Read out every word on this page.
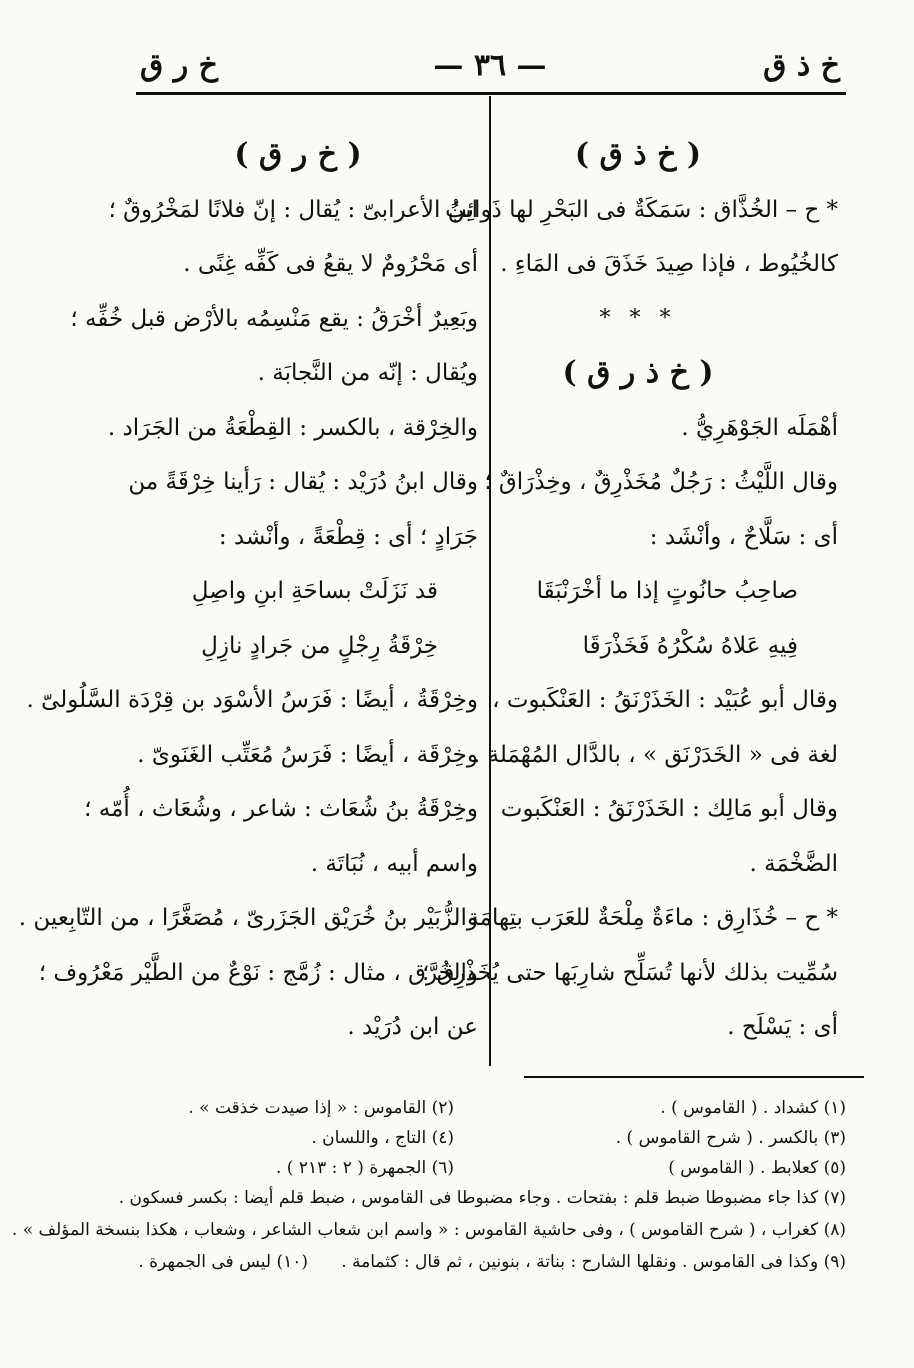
خ ذ ق
— ٣٦ —
خ ر ق
( خ ذ ق )
* ح – الخُذَّاق : سَمَكَةٌ فى البَحْرِ لها ذَوائِبُ
كالخُيُوط ، فإذا صِيدَ خَذَقَ فى المَاءِ .
* * *
( خ ذ ر ق )
أهْمَلَه الجَوْهَرِيُّ .
وقال اللَّيْثُ : رَجُلٌ مُخَذْرِقٌ ، وخِذْرَاقٌ ؛
أى : سَلَّاحٌ ، وأنْشَد :
صاحِبُ حانُوتٍ إذا ما أخْرَنْبَقَا
فِيهِ عَلاهُ سُكْرُهُ فَخَذْرَقَا
وقال أبو عُبَيْد : الخَذَرْنَقُ : العَنْكَبوت ،
لغة فى « الخَدَرْنَق » ، بالدَّال المُهْمَلة .
وقال أبو مَالِك : الخَذَرْنَقُ : العَنْكَبوت
الضَّخْمَة .
* ح – خُذَارِق : ماءَةٌ مِلْحَةٌ للعَرَب بتِهامَة ،
سُمِّيت بذلك لأنها تُسَلِّح شارِبَها حتى يُخَذْرِق ؛
أى : يَسْلَح .
( خ ر ق )
ابنُ الأعرابىّ : يُقال : إنّ فلانًا لمَخْرُوقٌ ؛
أى مَحْرُومٌ لا يقعُ فى كَفِّه غِنًى .
وبَعِيرٌ أخْرَقُ : يقع مَنْسِمُه بالأرْض قبل خُفِّه ؛
ويُقال : إنّه من النَّجابَة .
والخِرْقة ، بالكسر : القِطْعَةُ من الجَرَاد .
وقال ابنُ دُرَيْد : يُقال : رَأينا خِرْقَةً من
جَرَادٍ ؛ أى : قِطْعَةً ، وأنْشد :
قد نَزَلَتْ بساحَةِ ابنِ واصِلِ
خِرْقَةُ رِجْلٍ من جَرادٍ نازِلِ
وخِرْقَةُ ، أيضًا : فَرَسُ الأسْوَد بن قِرْدَة السَّلُولىّ .
وخِرْقَة ، أيضًا : فَرَسُ مُعَتِّب الغَنَوىّ .
وخِرْقَةُ بنُ شُعَاث : شاعر ، وشُعَاث ، أُمّه ؛
واسم أبيه ، نُبَاتَة .
والزُّبَيْر بنُ خُرَيْق الجَزَرىّ ، مُصَغَّرًا ، من التّابِعين .
والخُرَّق ، مثال : زُمَّج : نَوْعٌ من الطَّيْر مَعْرُوف ؛
عن ابن دُرَيْد .
(١) كشداد . ( القاموس ) .
(٢) القاموس : « إذا صيدت خذقت » .
(٣) بالكسر . ( شرح القاموس ) .
(٤) التاج ، واللسان .
(٥) كعلابط . ( القاموس )
(٦) الجمهرة ( ٢ : ٢١٣ ) .
(٧) كذا جاء مضبوطا ضبط قلم : بفتحات . وجاء مضبوطا فى القاموس ، ضبط قلم أيضا : بكسر فسكون .
(٨) كغراب ، ( شرح القاموس ) ، وفى حاشية القاموس : « واسم ابن شعاب الشاعر ، وشعاب ، هكذا بنسخة المؤلف » .
(٩) وكذا فى القاموس . ونقلها الشارح : بناتة ، بنونين ، ثم قال : كثمامة .
(١٠) ليس فى الجمهرة .
